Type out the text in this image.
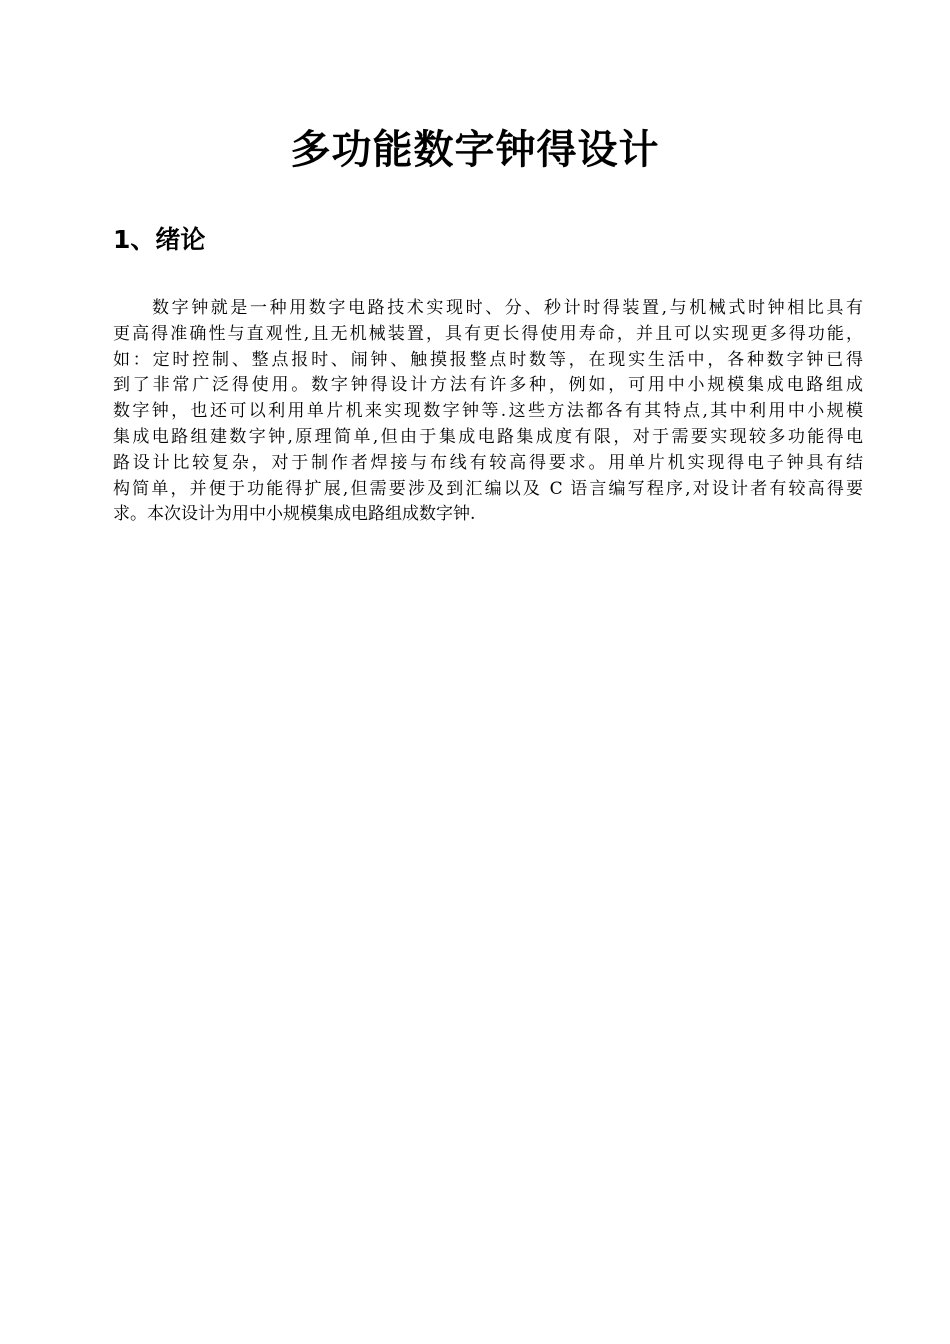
多功能数字钟得设计
1、绪论

数字钟就是一种用数字电路技术实现时、分、秒计时得装置,与机械式时钟相比具有
更高得准确性与直观性,且无机械装置，具有更长得使用寿命，并且可以实现更多得功能，
如：定时控制、整点报时、闹钟、触摸报整点时数等，在现实生活中，各种数字钟已得
到了非常广泛得使用。数字钟得设计方法有许多种，例如，可用中小规模集成电路组成
数字钟，也还可以利用单片机来实现数字钟等.这些方法都各有其特点,其中利用中小规模
集成电路组建数字钟,原理简单,但由于集成电路集成度有限，对于需要实现较多功能得电
路设计比较复杂，对于制作者焊接与布线有较高得要求。用单片机实现得电子钟具有结
构简单，并便于功能得扩展,但需要涉及到汇编以及 C 语言编写程序,对设计者有较高得要
求。本次设计为用中小规模集成电路组成数字钟.
